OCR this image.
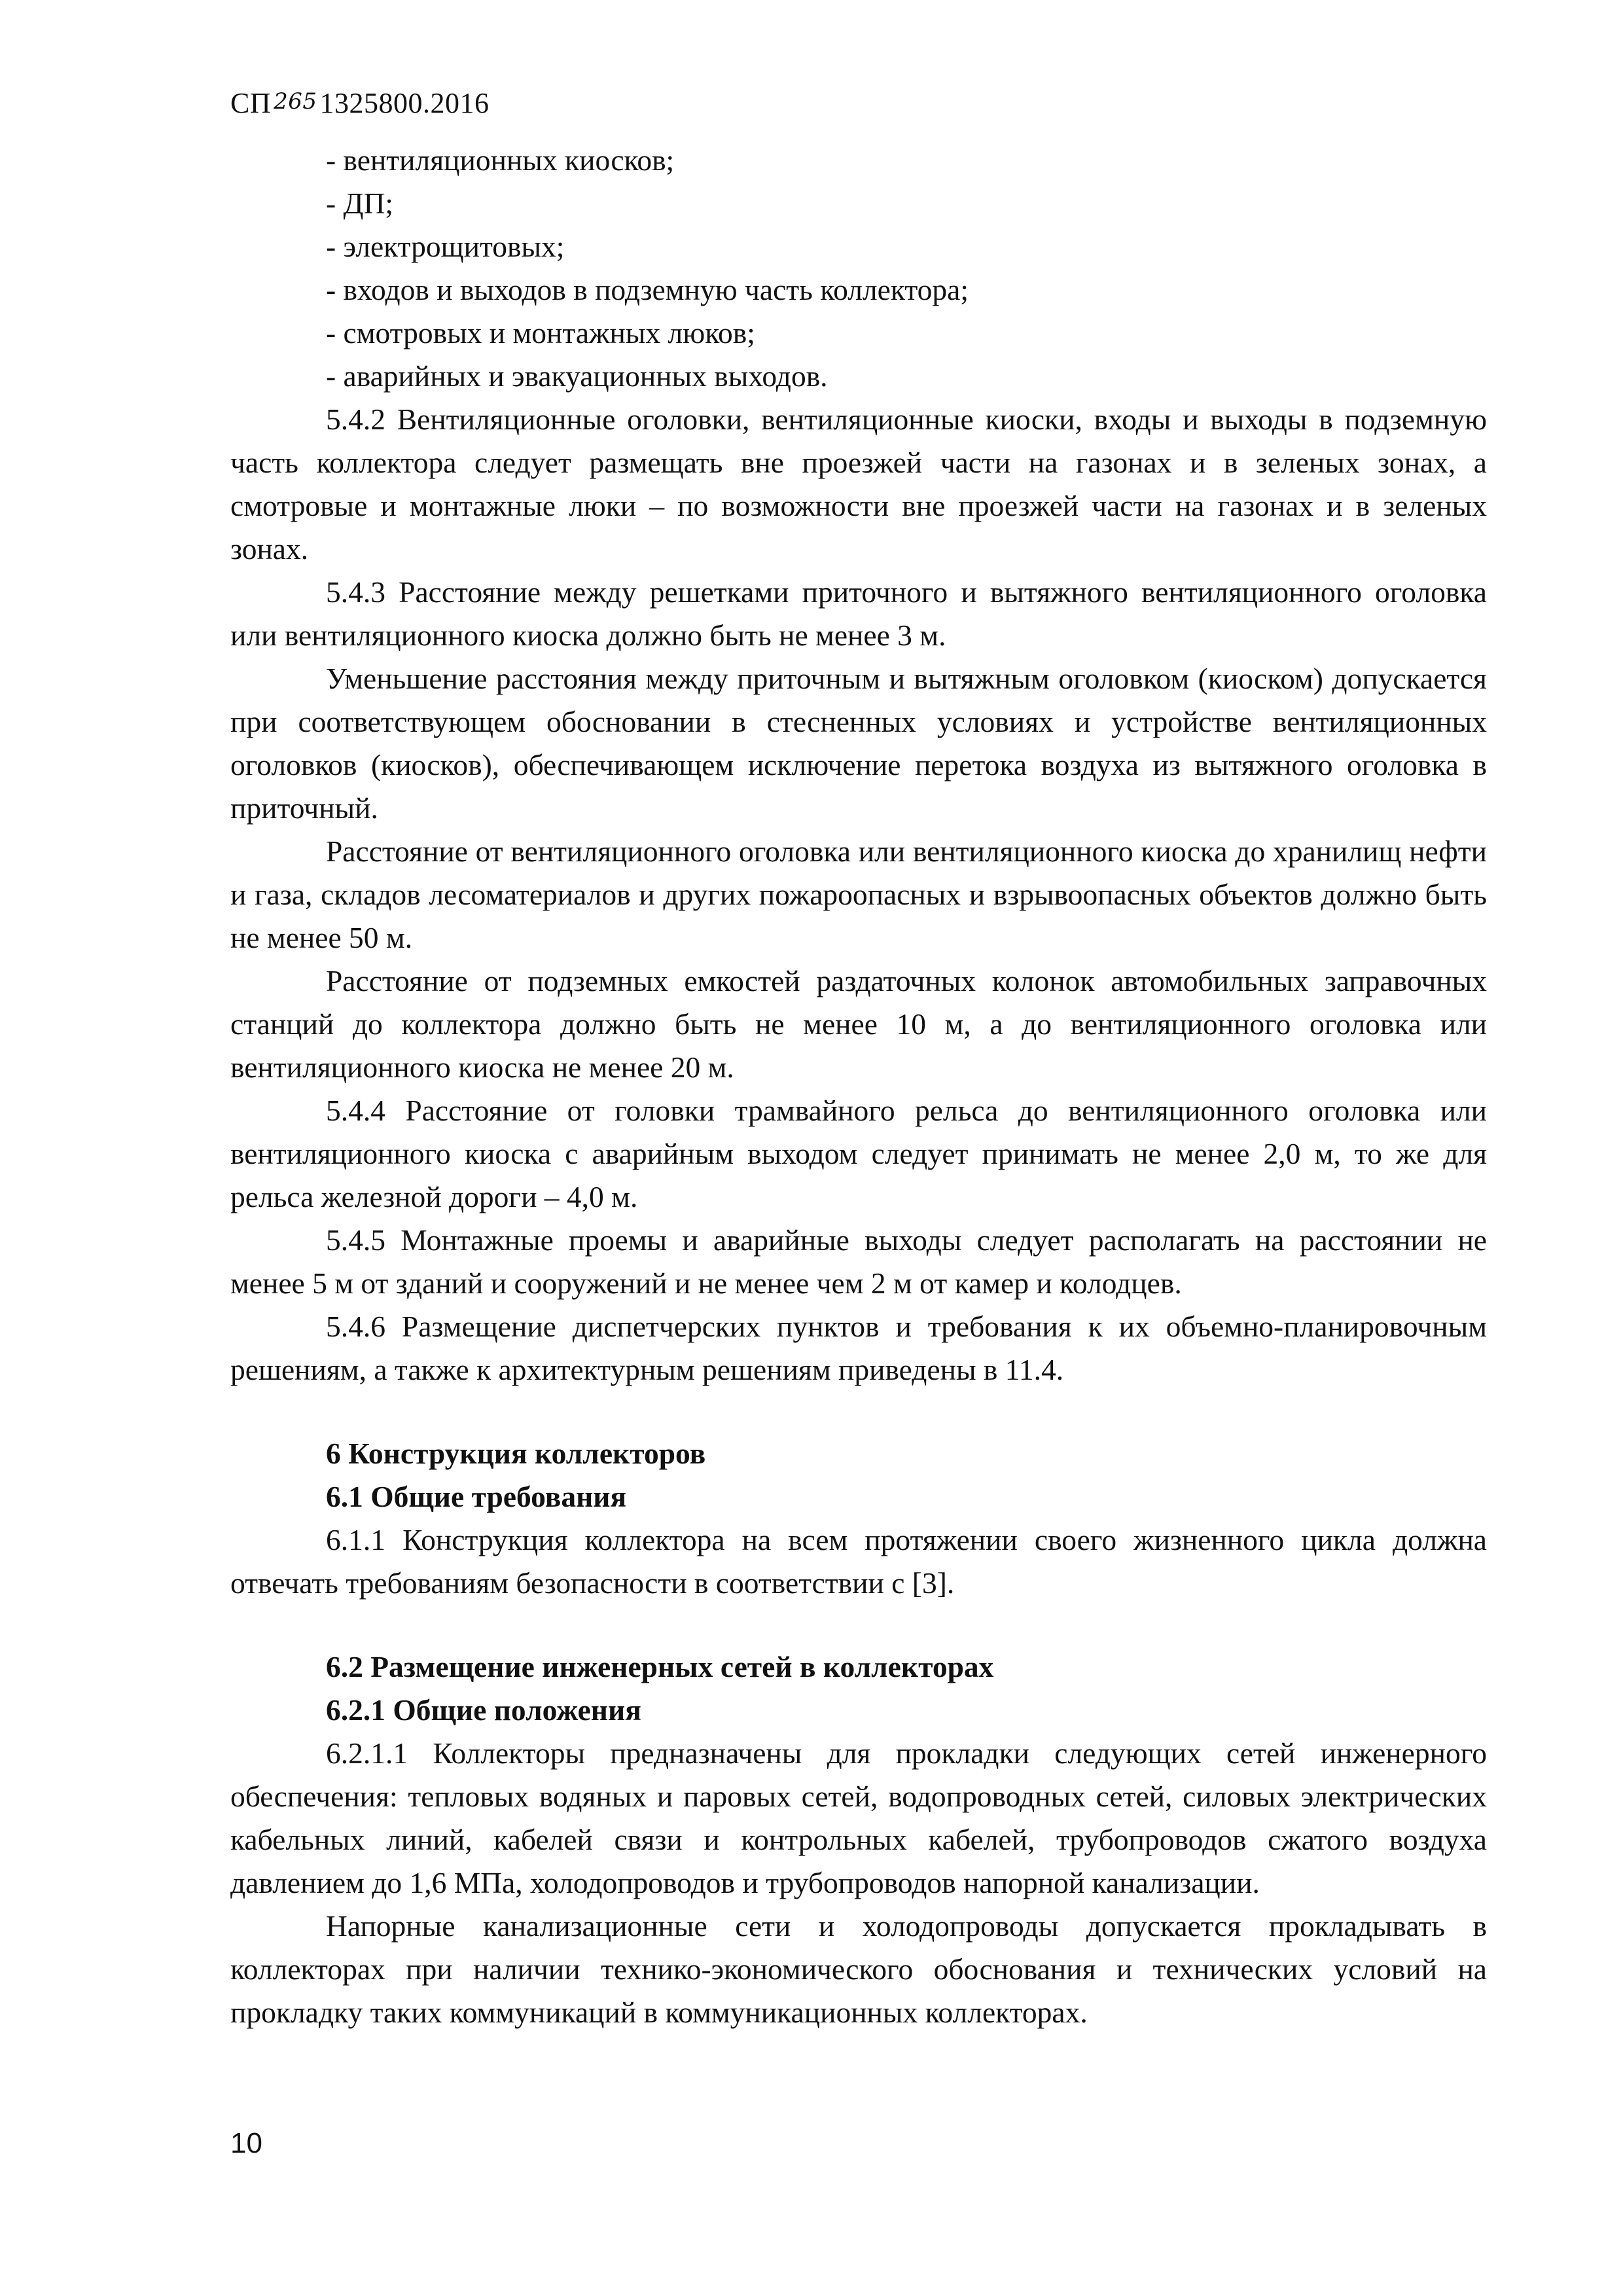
СП 265 1325800.2016

- вентиляционных киосков;

- ДП;

- электрощитовых;

- входов и выходов в подземную часть коллектора;

- смотровых и монтажных люков;

- аварийных и эвакуационных выходов.

5.4.2 Вентиляционные оголовки, вентиляционные киоски, входы и выходы в подземную часть коллектора следует размещать вне проезжей части на газонах и в зеленых зонах, а смотровые и монтажные люки – по возможности вне проезжей части на газонах и в зеленых зонах.

5.4.3 Расстояние между решетками приточного и вытяжного вентиляционного оголовка или вентиляционного киоска должно быть не менее 3 м.

Уменьшение расстояния между приточным и вытяжным оголовком (киоском) допускается при соответствующем обосновании в стесненных условиях и устройстве вентиляционных оголовков (киосков), обеспечивающем исключение перетока воздуха из вытяжного оголовка в приточный.

Расстояние от вентиляционного оголовка или вентиляционного киоска до хранилищ нефти и газа, складов лесоматериалов и других пожароопасных и взрывоопасных объектов должно быть не менее 50 м.

Расстояние от подземных емкостей раздаточных колонок автомобильных заправочных станций до коллектора должно быть не менее 10 м, а до вентиляционного оголовка или вентиляционного киоска не менее 20 м.

5.4.4 Расстояние от головки трамвайного рельса до вентиляционного оголовка или вентиляционного киоска с аварийным выходом следует принимать не менее 2,0 м, то же для рельса железной дороги – 4,0 м.

5.4.5 Монтажные проемы и аварийные выходы следует располагать на расстоянии не менее 5 м от зданий и сооружений и не менее чем 2 м от камер и колодцев.

5.4.6 Размещение диспетчерских пунктов и требования к их объемно-планировочным решениям, а также к архитектурным решениям приведены в 11.4.

6 Конструкция коллекторов
6.1 Общие требования

6.1.1 Конструкция коллектора на всем протяжении своего жизненного цикла должна отвечать требованиям безопасности в соответствии с [3].

6.2 Размещение инженерных сетей в коллекторах
6.2.1 Общие положения

6.2.1.1 Коллекторы предназначены для прокладки следующих сетей инженерного обеспечения: тепловых водяных и паровых сетей, водопроводных сетей, силовых электрических кабельных линий, кабелей связи и контрольных кабелей, трубопроводов сжатого воздуха давлением до 1,6 МПа, холодопроводов и трубопроводов напорной канализации.

Напорные канализационные сети и холодопроводы допускается прокладывать в коллекторах при наличии технико-экономического обоснования и технических условий на прокладку таких коммуникаций в коммуникационных коллекторах.

10
